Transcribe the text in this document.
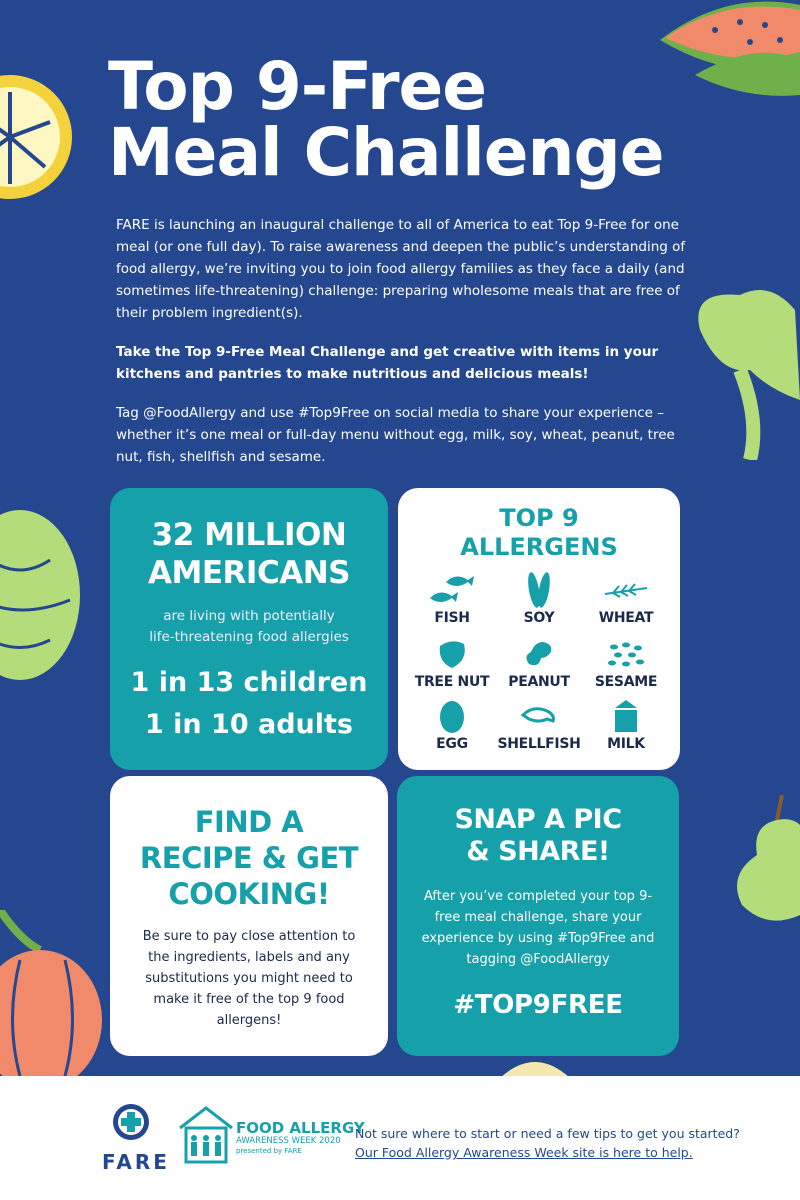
Top 9-Free
Meal Challenge

FARE is launching an inaugural challenge to all of America to eat Top 9-Free for one meal (or one full day). To raise awareness and deepen the public’s understanding of food allergy, we’re inviting you to join food allergy families as they face a daily (and sometimes life-threatening) challenge: preparing wholesome meals that are free of their problem ingredient(s).

Take the Top 9-Free Meal Challenge and get creative with items in your kitchens and pantries to make nutritious and delicious meals!

Tag @FoodAllergy and use #Top9Free on social media to share your experience – whether it’s one meal or full-day menu without egg, milk, soy, wheat, peanut, tree nut, fish, shellfish and sesame.

32 MILLION
AMERICANS
are living with potentially
life-threatening food allergies
1 in 13 children
1 in 10 adults
TOP 9
ALLERGENS
FISH	SOY	WHEAT
TREE NUT	PEANUT	SESAME
EGG	SHELLFISH	MILK
FIND A
RECIPE & GET
COOKING!
Be sure to pay close attention to the ingredients, labels and any substitutions you might need to make it free of the top 9 food allergens!
SNAP A PIC
& SHARE!
After you’ve completed your top 9-free meal challenge, share your experience by using #Top9Free and tagging @FoodAllergy
#TOP9FREE
FARE
FOOD ALLERGY
AWARENESS WEEK 2020
presented by FARE
Not sure where to start or need a few tips to get you started?
Our Food Allergy Awareness Week site is here to help.
